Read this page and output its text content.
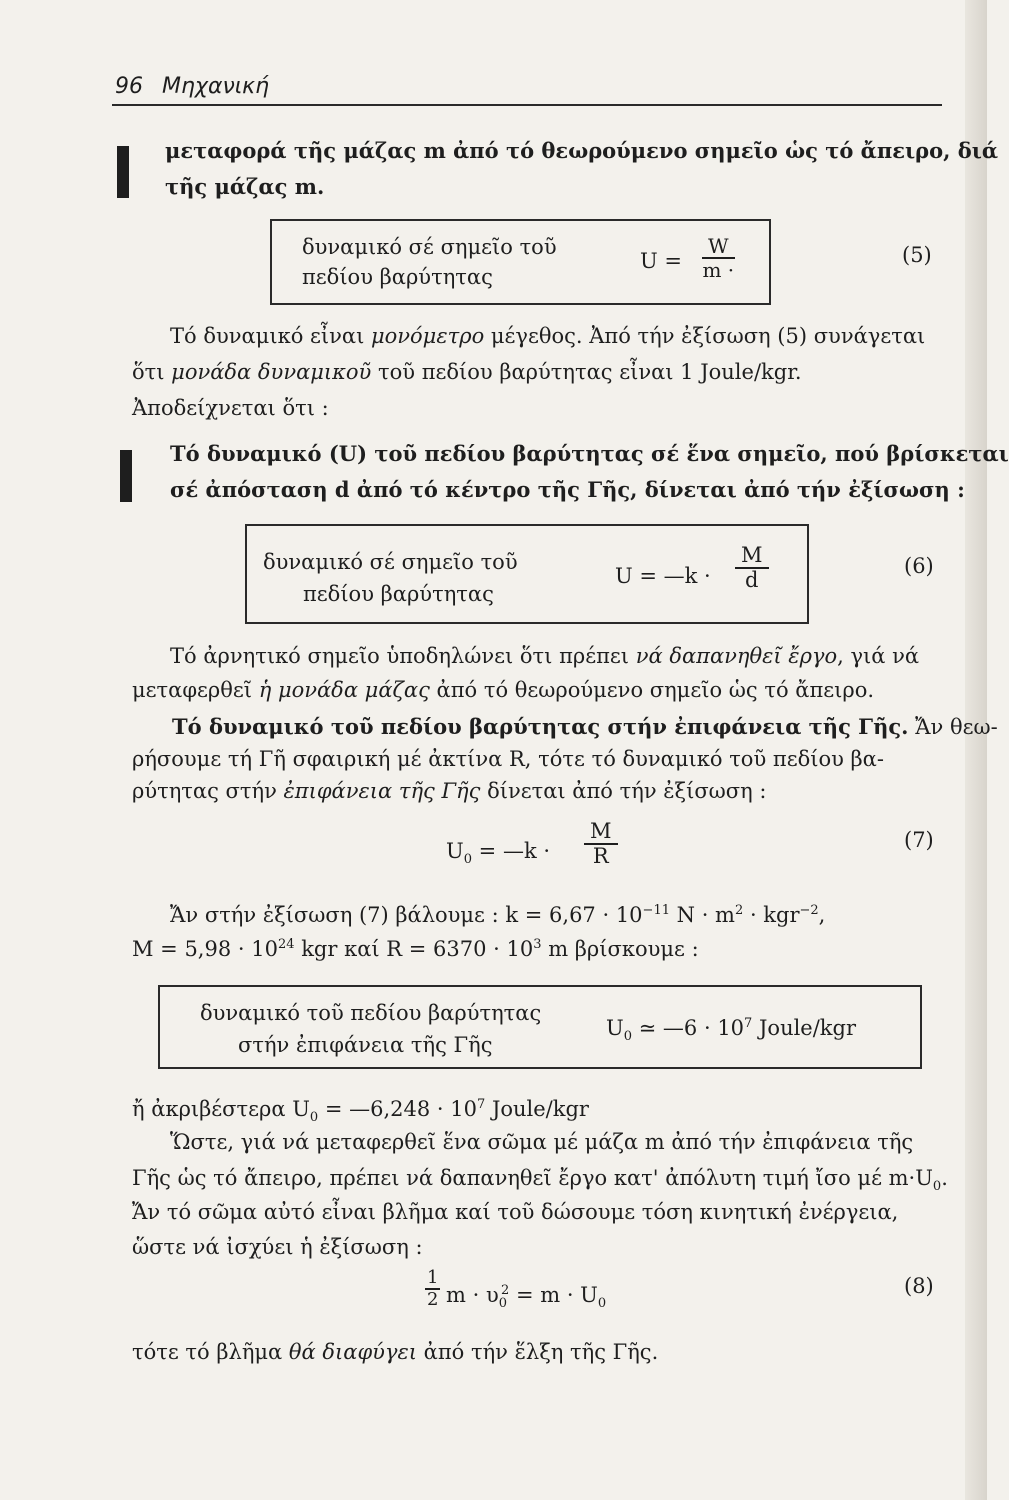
96 Μηχανική
μεταφορά τῆς μάζας m ἀπό τό θεωρούμενο σημεῖο ὡς τό ἄπειρο, διά
τῆς μάζας m.
δυναμικό σέ σημεῖο τοῦ
πεδίου βαρύτητας
$U = \frac{W}{m \cdot}$	(5)
Τό δυναμικό εἶναι μονόμετρο μέγεθος. Ἀπό τήν ἐξίσωση (5) συνάγεται
ὅτι μονάδα δυναμικοῦ τοῦ πεδίου βαρύτητας εἶναι 1 Joule/kgr.
Ἀποδείχνεται ὅτι :
Τό δυναμικό (U) τοῦ πεδίου βαρύτητας σέ ἕνα σημεῖο, πού βρίσκεται
σέ ἀπόσταση d ἀπό τό κέντρο τῆς Γῆς, δίνεται ἀπό τήν ἐξίσωση :
δυναμικό σέ σημεῖο τοῦ
πεδίου βαρύτητας
U = —k · $\frac{M}{d}$	(6)
Τό ἀρνητικό σημεῖο ὑποδηλώνει ὅτι πρέπει νά δαπανηθεῖ ἔργο, γιά νά
μεταφερθεῖ ἡ μονάδα μάζας ἀπό τό θεωρούμενο σημεῖο ὡς τό ἄπειρο.
Τό δυναμικό τοῦ πεδίου βαρύτητας στήν ἐπιφάνεια τῆς Γῆς. Ἄν θεω-
ρήσουμε τή Γῆ σφαιρική μέ ἀκτίνα R, τότε τό δυναμικό τοῦ πεδίου βα-
ρύτητας στήν ἐπιφάνεια τῆς Γῆς δίνεται ἀπό τήν ἐξίσωση :
$U_0$ = —k · $\frac{M}{R}$	(7)
Ἄν στήν ἐξίσωση (7) βάλουμε : $k = 6,67 \cdot 10^{-11}$ $N \cdot m^2 \cdot kgr^{-2}$,
$M = 5,98 \cdot 10^{24}$ kgr καί $R = 6370 \cdot 10^3$ m βρίσκουμε :
δυναμικό τοῦ πεδίου βαρύτητας
στήν ἐπιφάνεια τῆς Γῆς
$U_0$ ≃ —6 · $10^7$ Joule/kgr
ἤ ἀκριβέστερα $U_0$ = —6,248 · $10^7$ Joule/kgr
Ὥστε, γιά νά μεταφερθεῖ ἕνα σῶμα μέ μάζα m ἀπό τήν ἐπιφάνεια τῆς
Γῆς ὡς τό ἄπειρο, πρέπει νά δαπανηθεῖ ἔργο κατ' ἀπόλυτη τιμή ἴσο μέ $m\cdot U_0$.
Ἄν τό σῶμα αὐτό εἶναι βλῆμα καί τοῦ δώσουμε τόση κινητική ἐνέργεια,
ὥστε νά ἰσχύει ἡ ἐξίσωση :
$\frac{1}{2}$ $m \cdot \upsilon_0^2 = m \cdot U_0$
(8)
τότε τό βλῆμα θά διαφύγει ἀπό τήν ἕλξη τῆς Γῆς.
